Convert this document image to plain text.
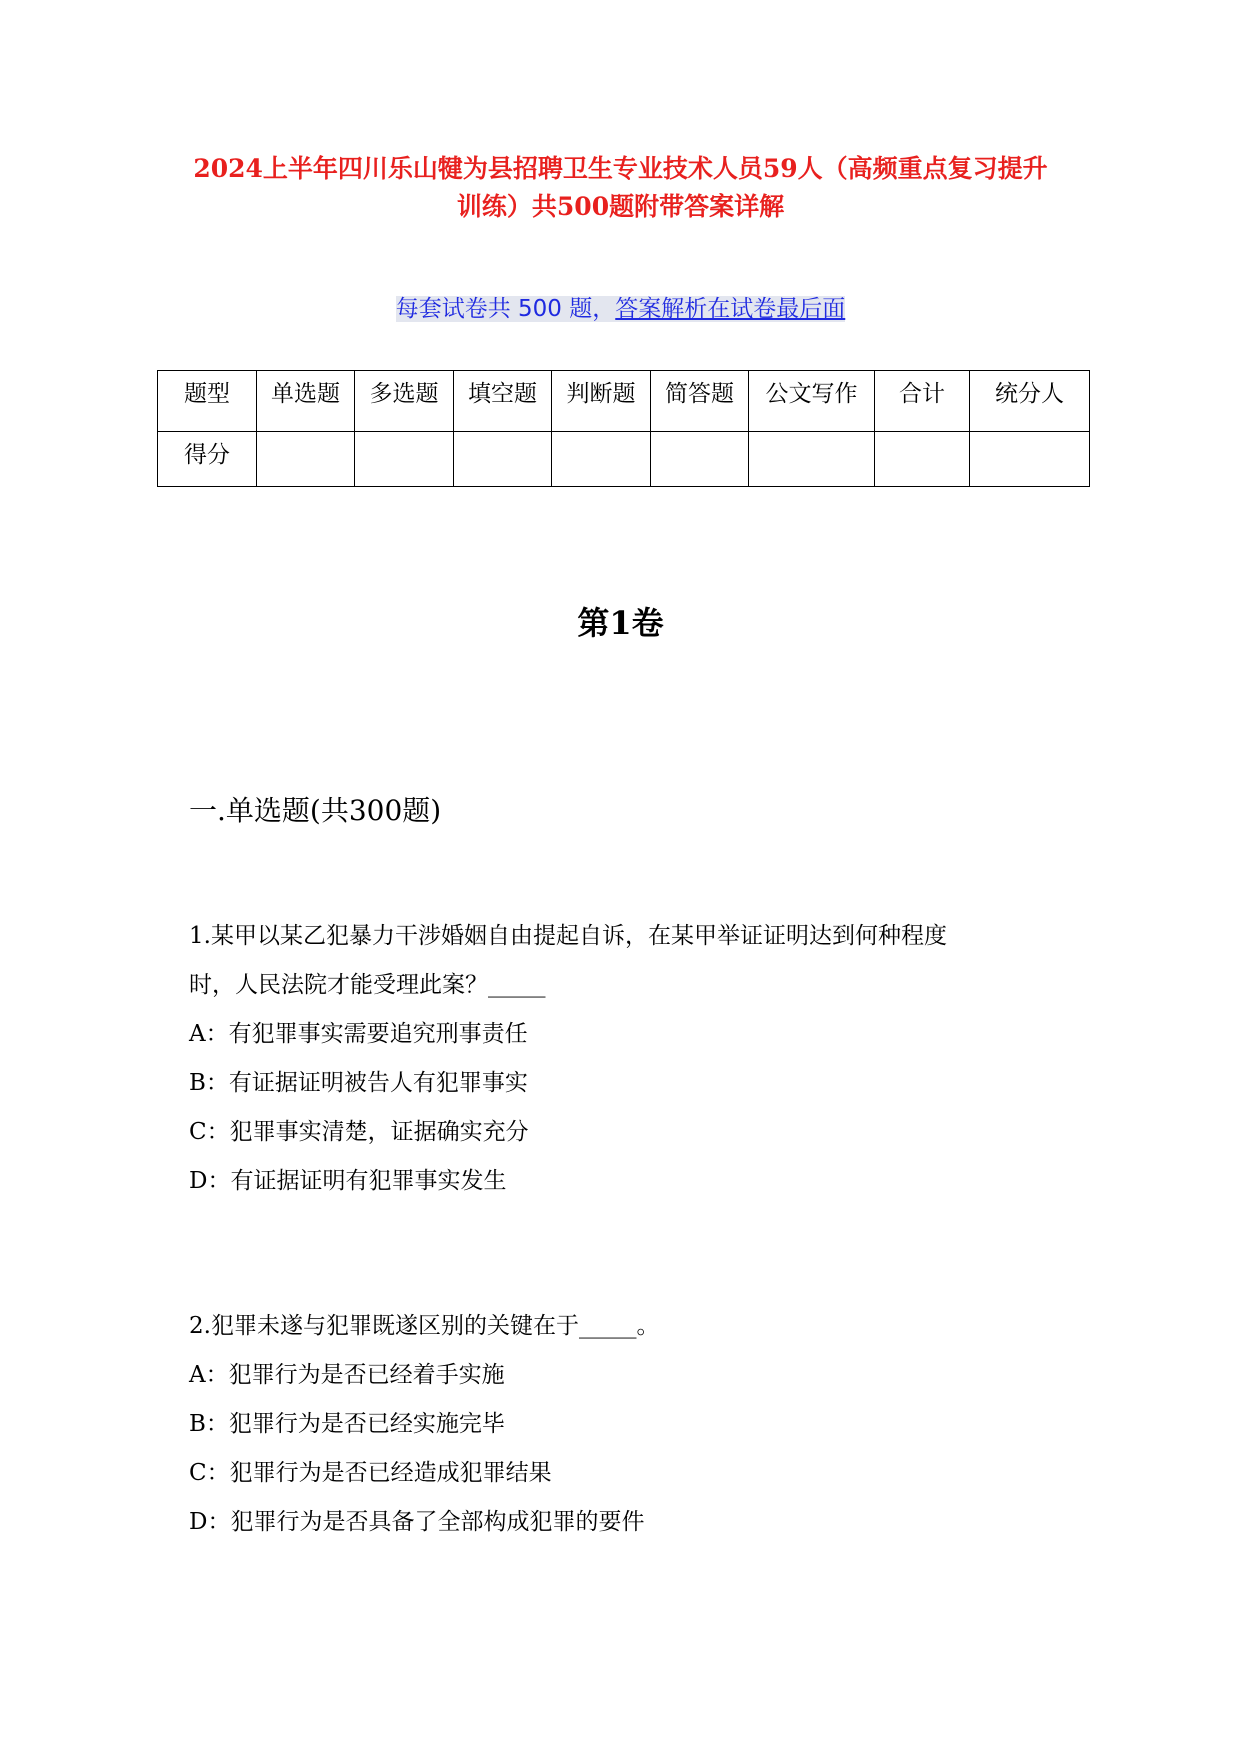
2024上半年四川乐山犍为县招聘卫生专业技术人员59人（高频重点复习提升
训练）共500题附带答案详解
每套试卷共 500 题，答案解析在试卷最后面
题型	单选题	多选题	填空题	判断题	简答题	公文写作	合计	统分人
得分								
第1卷
一.单选题(共300题)
1.某甲以某乙犯暴力干涉婚姻自由提起自诉，在某甲举证证明达到何种程度
时，人民法院才能受理此案？_____
A：有犯罪事实需要追究刑事责任
B：有证据证明被告人有犯罪事实
C：犯罪事实清楚，证据确实充分
D：有证据证明有犯罪事实发生
2.犯罪未遂与犯罪既遂区别的关键在于_____。
A：犯罪行为是否已经着手实施
B：犯罪行为是否已经实施完毕
C：犯罪行为是否已经造成犯罪结果
D：犯罪行为是否具备了全部构成犯罪的要件
